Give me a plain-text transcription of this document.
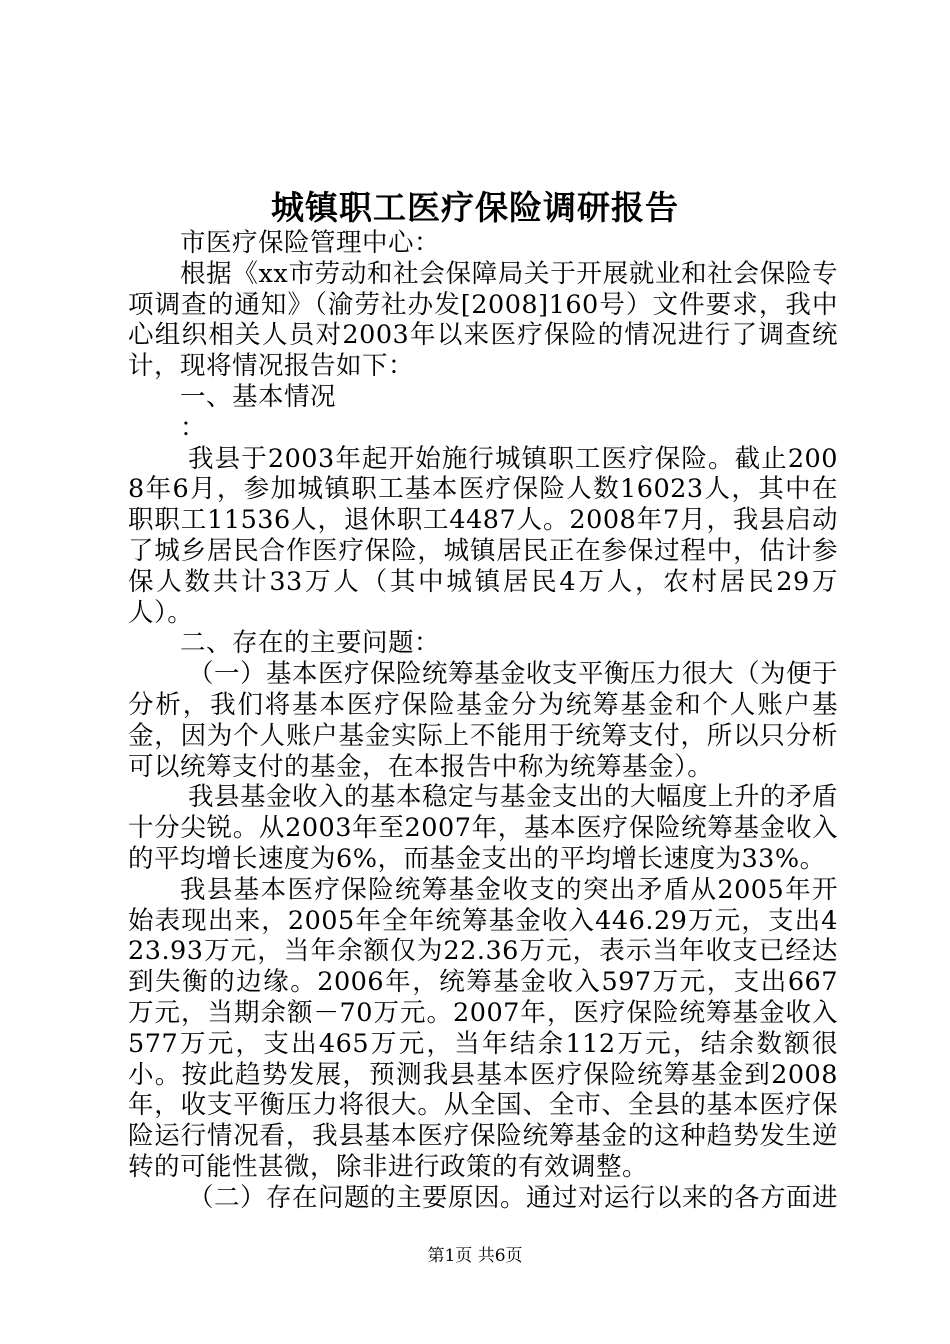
城镇职工医疗保险调研报告

市医疗保险管理中心：

根据《xx市劳动和社会保障局关于开展就业和社会保险专项调查的通知》（渝劳社办发[2008]160号）文件要求，我中心组织相关人员对2003年以来医疗保险的情况进行了调查统计，现将情况报告如下：

一、基本情况

：

我县于2003年起开始施行城镇职工医疗保险。截止2008年6月，参加城镇职工基本医疗保险人数16023人，其中在职职工11536人，退休职工4487人。2008年7月，我县启动了城乡居民合作医疗保险，城镇居民正在参保过程中，估计参保人数共计33万人（其中城镇居民4万人，农村居民29万人）。

二、存在的主要问题：

（一）基本医疗保险统筹基金收支平衡压力很大（为便于分析，我们将基本医疗保险基金分为统筹基金和个人账户基金，因为个人账户基金实际上不能用于统筹支付，所以只分析可以统筹支付的基金，在本报告中称为统筹基金）。

我县基金收入的基本稳定与基金支出的大幅度上升的矛盾十分尖锐。从2003年至2007年，基本医疗保险统筹基金收入的平均增长速度为6%，而基金支出的平均增长速度为33%。

我县基本医疗保险统筹基金收支的突出矛盾从2005年开始表现出来，2005年全年统筹基金收入446.29万元，支出423.93万元，当年余额仅为22.36万元，表示当年收支已经达到失衡的边缘。2006年，统筹基金收入597万元，支出667万元，当期余额－70万元。2007年，医疗保险统筹基金收入577万元，支出465万元，当年结余112万元，结余数额很小。按此趋势发展，预测我县基本医疗保险统筹基金到2008年，收支平衡压力将很大。从全国、全市、全县的基本医疗保险运行情况看，我县基本医疗保险统筹基金的这种趋势发生逆转的可能性甚微，除非进行政策的有效调整。

（二）存在问题的主要原因。通过对运行以来的各方面进

第1页 共6页
